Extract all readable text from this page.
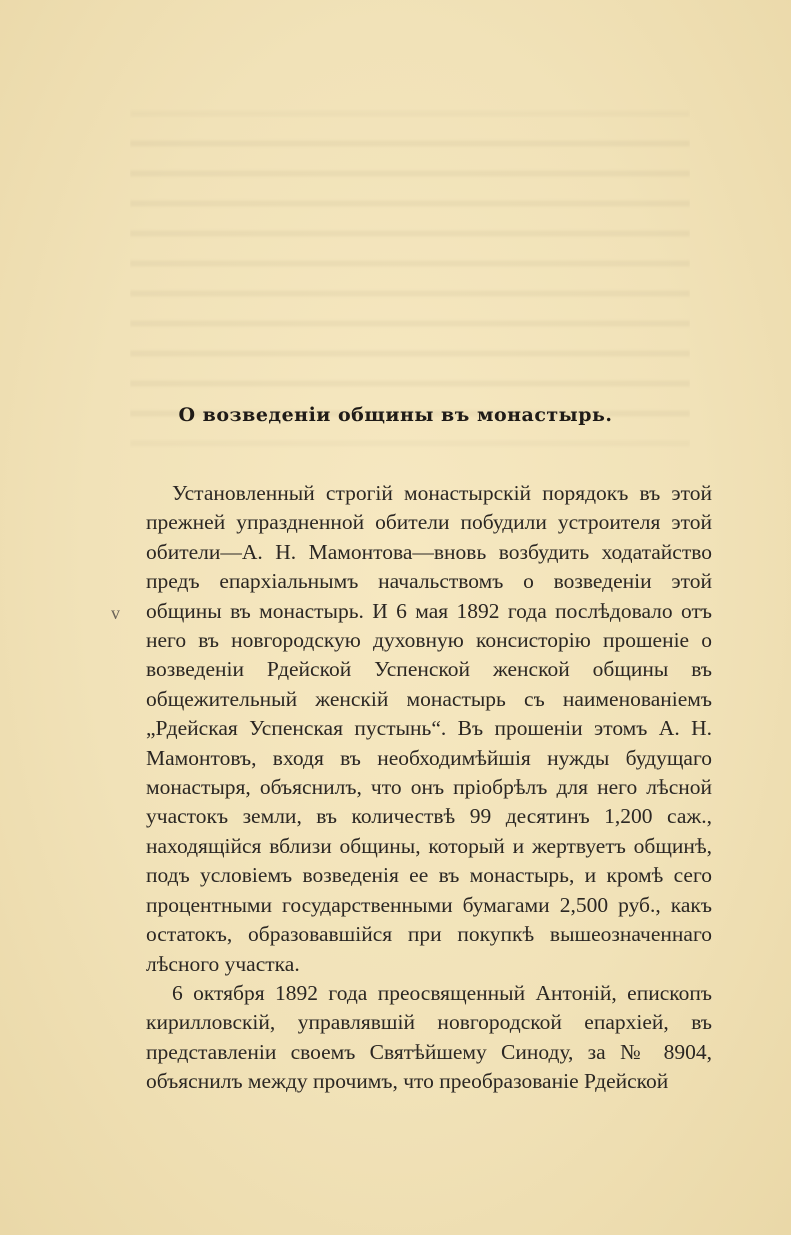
О возведеніи общины въ монастырь.
v

Установленный строгій монастырскій порядокъ въ этой прежней упраздненной обители побудили устроителя этой обители—А. Н. Мамонтова—вновь возбудить ходатайство предъ епархіальнымъ начальствомъ о возведеніи этой общины въ монастырь. И 6 мая 1892 года послѣдовало отъ него въ новгородскую духовную консисторію прошеніе о возведеніи Рдейской Успенской женской общины въ общежительный женскій монастырь съ наименованіемъ „Рдейская Успенская пустынь“. Въ прошеніи этомъ А. Н. Мамонтовъ, входя въ необходимѣйшія нужды будущаго монастыря, объяснилъ, что онъ пріобрѣлъ для него лѣсной участокъ земли, въ количествѣ 99 десятинъ 1,200 саж., находящійся вблизи общины, который и жертвуетъ общинѣ, подъ условіемъ возведенія ее въ монастырь, и кромѣ сего процентными государственными бумагами 2,500 руб., какъ остатокъ, образовавшійся при покупкѣ вышеозначеннаго лѣсного участка.

6 октября 1892 года преосвященный Антоній, епископъ кирилловскій, управлявшій новгородской епархіей, въ представленіи своемъ Святѣйшему Синоду, за № 8904, объяснилъ между прочимъ, что преобразованіе Рдейской
